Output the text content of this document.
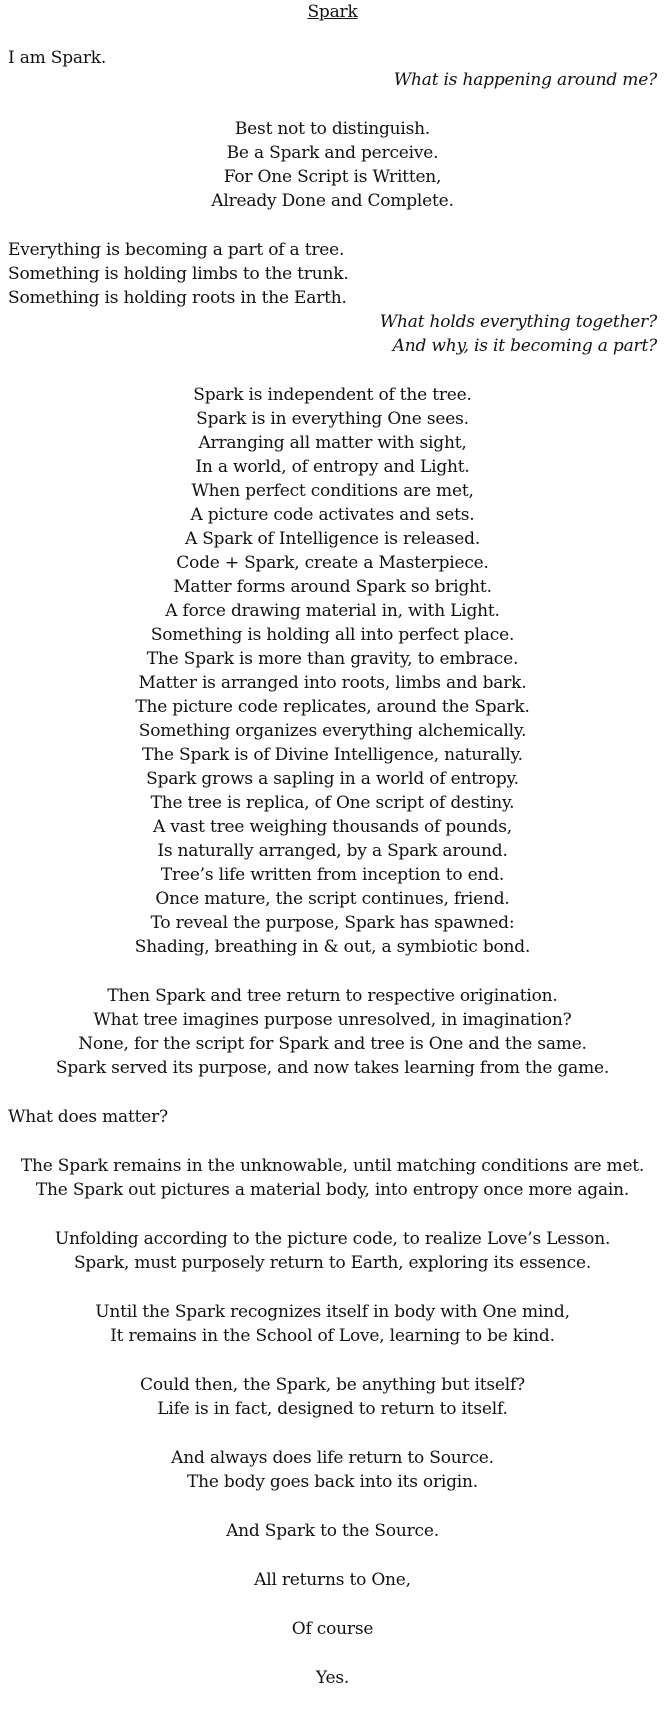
Spark
I am Spark.
What is happening around me?
Best not to distinguish.
Be a Spark and perceive.
For One Script is Written,
Already Done and Complete.
Everything is becoming a part of a tree.
Something is holding limbs to the trunk.
Something is holding roots in the Earth.
What holds everything together?
And why, is it becoming a part?
Spark is independent of the tree.
Spark is in everything One sees.
Arranging all matter with sight,
In a world, of entropy and Light.
When perfect conditions are met,
A picture code activates and sets.
A Spark of Intelligence is released.
Code + Spark, create a Masterpiece.
Matter forms around Spark so bright.
A force drawing material in, with Light.
Something is holding all into perfect place.
The Spark is more than gravity, to embrace.
Matter is arranged into roots, limbs and bark.
The picture code replicates, around the Spark.
Something organizes everything alchemically.
The Spark is of Divine Intelligence, naturally.
Spark grows a sapling in a world of entropy.
The tree is replica, of One script of destiny.
A vast tree weighing thousands of pounds,
Is naturally arranged, by a Spark around.
Tree’s life written from inception to end.
Once mature, the script continues, friend.
To reveal the purpose, Spark has spawned:
Shading, breathing in & out, a symbiotic bond.
Then Spark and tree return to respective origination.
What tree imagines purpose unresolved, in imagination?
None, for the script for Spark and tree is One and the same.
Spark served its purpose, and now takes learning from the game.
What does matter?
The Spark remains in the unknowable, until matching conditions are met.
The Spark out pictures a material body, into entropy once more again.
Unfolding according to the picture code, to realize Love’s Lesson.
Spark, must purposely return to Earth, exploring its essence.
Until the Spark recognizes itself in body with One mind,
It remains in the School of Love, learning to be kind.
Could then, the Spark, be anything but itself?
Life is in fact, designed to return to itself.
And always does life return to Source.
The body goes back into its origin.
And Spark to the Source.
All returns to One,
Of course
Yes.
